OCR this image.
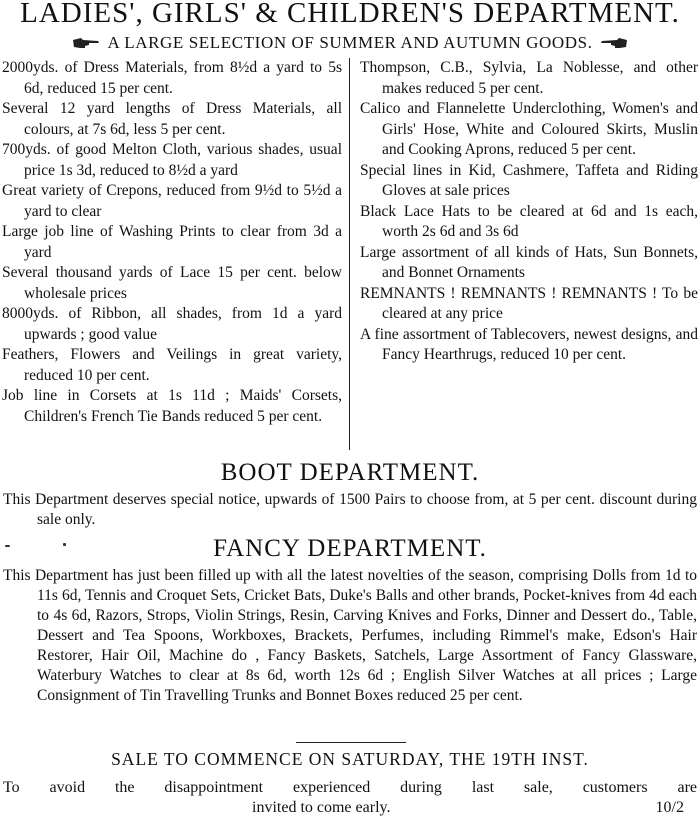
LADIES', GIRLS' & CHILDREN'S DEPARTMENT.
A LARGE SELECTION OF SUMMER AND AUTUMN GOODS.

2000yds. of Dress Materials, from 8½d a yard to 5s 6d, reduced 15 per cent.

Several 12 yard lengths of Dress Materials, all colours, at 7s 6d, less 5 per cent.

700yds. of good Melton Cloth, various shades, usual price 1s 3d, reduced to 8½d a yard

Great variety of Crepons, reduced from 9½d to 5½d a yard to clear

Large job line of Washing Prints to clear from 3d a yard

Several thousand yards of Lace 15 per cent. below wholesale prices

8000yds. of Ribbon, all shades, from 1d a yard upwards ; good value

Feathers, Flowers and Veilings in great variety, reduced 10 per cent.

Job line in Corsets at 1s 11d ; Maids' Corsets, Children's French Tie Bands reduced 5 per cent.

Thompson, C.B., Sylvia, La Noblesse, and other makes reduced 5 per cent.

Calico and Flannelette Underclothing, Women's and Girls' Hose, White and Coloured Skirts, Muslin and Cooking Aprons, reduced 5 per cent.

Special lines in Kid, Cashmere, Taffeta and Riding Gloves at sale prices

Black Lace Hats to be cleared at 6d and 1s each, worth 2s 6d and 3s 6d

Large assortment of all kinds of Hats, Sun Bonnets, and Bonnet Ornaments

REMNANTS ! REMNANTS ! REMNANTS ! To be cleared at any price

A fine assortment of Tablecovers, newest designs, and Fancy Hearthrugs, reduced 10 per cent.

BOOT DEPARTMENT.
This Department deserves special notice, upwards of 1500 Pairs to choose from, at 5 per cent. discount during sale only.
FANCY DEPARTMENT.
This Department has just been filled up with all the latest novelties of the season, comprising Dolls from 1d to 11s 6d, Tennis and Croquet Sets, Cricket Bats, Duke's Balls and other brands, Pocket-knives from 4d each to 4s 6d, Razors, Strops, Violin Strings, Resin, Carving Knives and Forks, Dinner and Dessert do., Table, Dessert and Tea Spoons, Workboxes, Brackets, Perfumes, including Rimmel's make, Edson's Hair Restorer, Hair Oil, Machine do , Fancy Baskets, Satchels, Large Assortment of Fancy Glassware, Waterbury Watches to clear at 8s 6d, worth 12s 6d ; English Silver Watches at all prices ; Large Consignment of Tin Travelling Trunks and Bonnet Boxes reduced 25 per cent.
SALE TO COMMENCE ON SATURDAY, THE 19TH INST.
To avoid the disappointment experienced during last sale, customers are
invited to come early.	10/2
